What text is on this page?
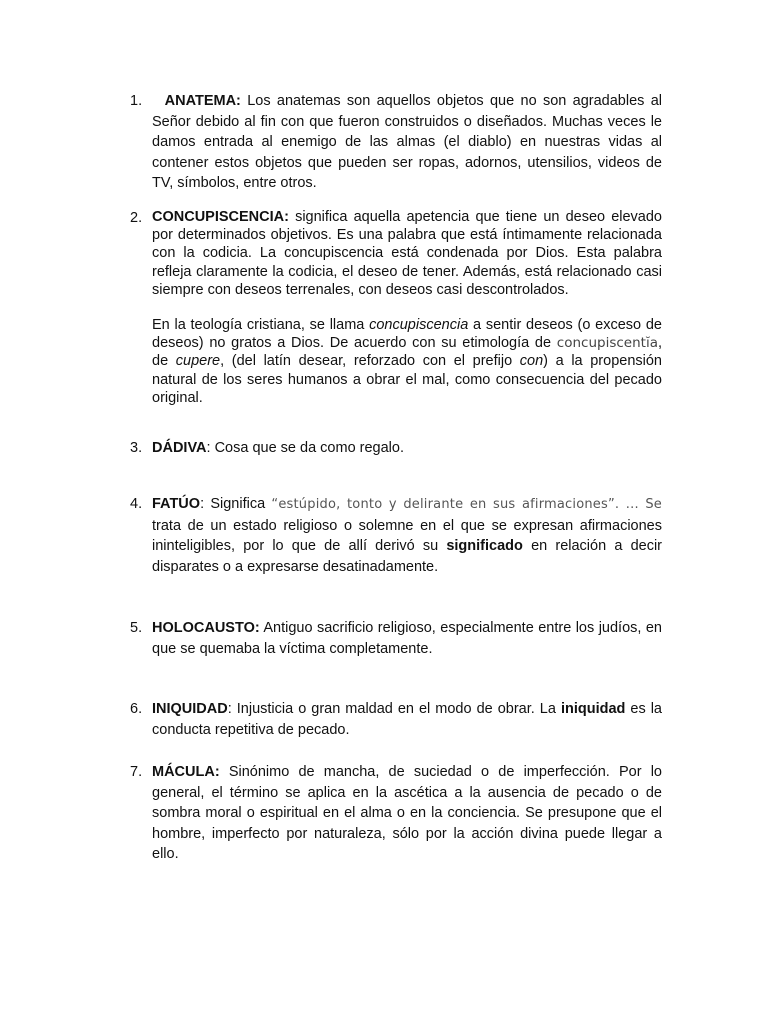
1.	ANATEMA: Los anatemas son aquellos objetos que no son agradables al Señor debido al fin con que fueron construidos o diseñados. Muchas veces le damos entrada al enemigo de las almas (el diablo) en nuestras vidas al contener estos objetos que pueden ser ropas, adornos, utensilios, videos de TV, símbolos, entre otros.

2. CONCUPISCENCIA: significa aquella apetencia que tiene un deseo elevado por determinados objetivos. Es una palabra que está íntimamente relacionada con la codicia. La concupiscencia está condenada por Dios. Esta palabra refleja claramente la codicia, el deseo de tener. Además, está relacionado casi siempre con deseos terrenales, con deseos casi descontrolados.

En la teología cristiana, se llama concupiscencia a sentir deseos (o exceso de deseos) no gratos a Dios. De acuerdo con su etimología de concupiscentĭa, de cupere, (del latín desear, reforzado con el prefijo con) a la propensión natural de los seres humanos a obrar el mal, como consecuencia del pecado original.

3. DÁDIVA: Cosa que se da como regalo.

4. FATÚO: Significa “estúpido, tonto y delirante en sus afirmaciones”. ... Se trata de un estado religioso o solemne en el que se expresan afirmaciones ininteligibles, por lo que de allí derivó su significado en relación a decir disparates o a expresarse desatinadamente.

5. HOLOCAUSTO: Antiguo sacrificio religioso, especialmente entre los judíos, en que se quemaba la víctima completamente.

6. INIQUIDAD: Injusticia o gran maldad en el modo de obrar. La iniquidad es la conducta repetitiva de pecado.

7. MÁCULA: Sinónimo de mancha, de suciedad o de imperfección. Por lo general, el término se aplica en la ascética a la ausencia de pecado o de sombra moral o espiritual en el alma o en la conciencia. Se presupone que el hombre, imperfecto por naturaleza, sólo por la acción divina puede llegar a ello.
